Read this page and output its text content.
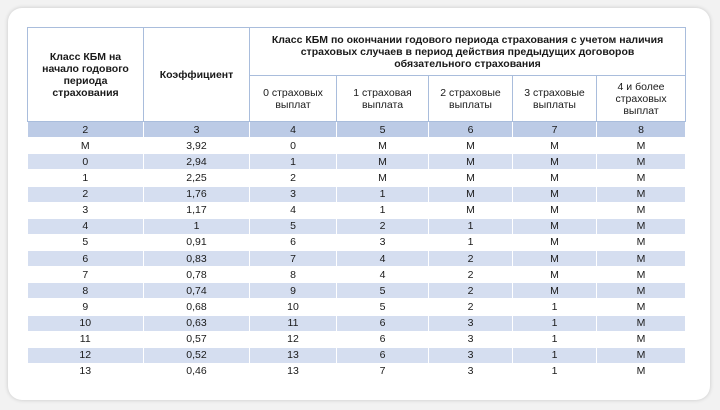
Класс КБМ на начало годового периода страхования	Коэффициент	Класс КБМ по окончании годового периода страхования с учетом наличия страховых случаев в период действия предыдущих договоров обязательного страхования				
		0 страховых выплат	1 страховая выплата	2 страховые выплаты	3 страховые выплаты	4 и более страховых выплат
2	3	4	5	6	7	8
M	3,92	0	M	M	M	M
0	2,94	1	M	M	M	M
1	2,25	2	M	M	M	M
2	1,76	3	1	M	M	M
3	1,17	4	1	M	M	M
4	1	5	2	1	M	M
5	0,91	6	3	1	M	M
6	0,83	7	4	2	M	M
7	0,78	8	4	2	M	M
8	0,74	9	5	2	M	M
9	0,68	10	5	2	1	M
10	0,63	11	6	3	1	M
11	0,57	12	6	3	1	M
12	0,52	13	6	3	1	M
13	0,46	13	7	3	1	M
